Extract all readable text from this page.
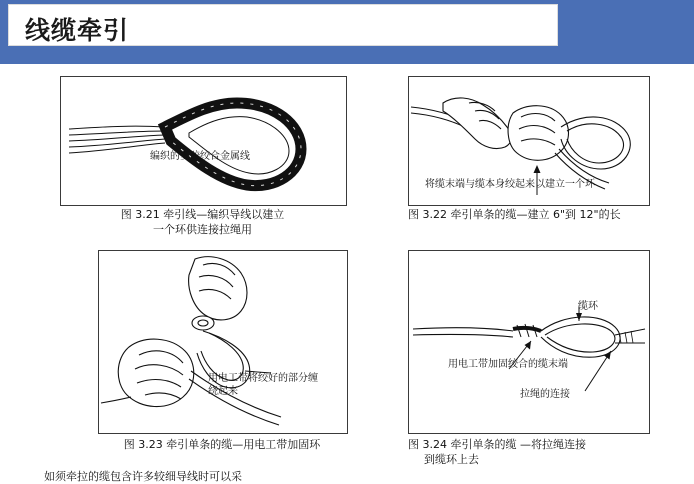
线缆牵引
编织的多胶绞合金属线
图 3.21 牵引线—编织导线以建立
一个环供连接拉绳用
将缆末端与缆本身绞起来以建立一个环
图 3.22 牵引单条的缆—建立 6"到 12"的长
用电工带将绞好的部分缠绕起来
图 3.23 牵引单条的缆—用电工带加固环
缆环
用电工带加固绞合的缆末端
拉绳的连接
图 3.24 牵引单条的缆 —将拉绳连接
到缆环上去
如须牵拉的缆包含许多较细导线时可以采
